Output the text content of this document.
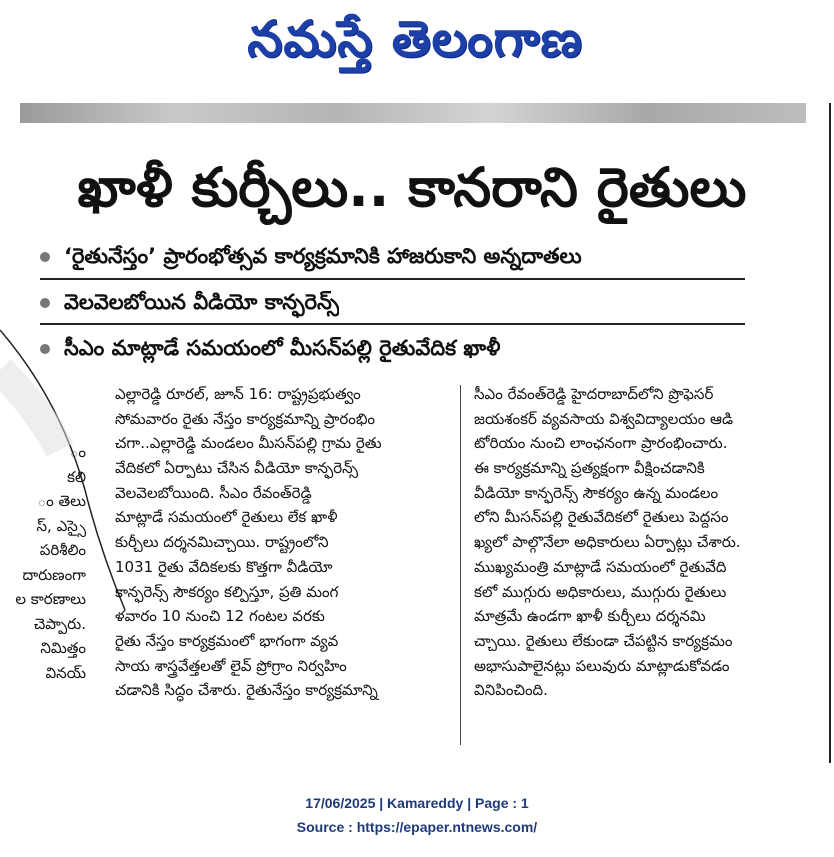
నమస్తే తెలంగాణ
ఖాళీ కుర్చీలు.. కానరాని రైతులు
‘రైతునేస్తం’ ప్రారంభోత్సవ కార్యక్రమానికి హాజరుకాని అన్నదాతలు
వెలవెలబోయిన వీడియో కాన్ఫరెన్స్
సీఎం మాట్లాడే సమయంలో మీసన్‌పల్లి రైతువేదిక ఖాళీ
ం
కలి
ం తెలు
స్, ఎస్సై
పరిశీలిం
దారుణంగా
ల కారణాలు
చెప్పారు.
నిమిత్తం
వినయ్
ఎల్లారెడ్డి రూరల్, జూన్ 16: రాష్ట్రప్రభుత్వం
సోమవారం రైతు నేస్తం కార్యక్రమాన్ని ప్రారంభిం
చగా..ఎల్లారెడ్డి మండలం మీసన్‌పల్లి గ్రామ రైతు
వేదికలో ఏర్పాటు చేసిన వీడియో కాన్ఫరెన్స్
వెలవెలబోయింది. సీఎం రేవంత్‌రెడ్డి
మాట్లాడే సమయంలో రైతులు లేక ఖాళీ
కుర్చీలు దర్శనమిచ్చాయి. రాష్ట్రంలోని
1031 రైతు వేదికలకు కొత్తగా వీడియో
కాన్ఫరెన్స్ సౌకర్యం కల్పిస్తూ, ప్రతి మంగ
ళవారం 10 నుంచి 12 గంటల వరకు
రైతు నేస్తం కార్యక్రమంలో భాగంగా వ్యవ
సాయ శాస్త్రవేత్తలతో లైవ్ ప్రోగ్రాం నిర్వహిం
చడానికి సిద్ధం చేశారు. రైతునేస్తం కార్యక్రమాన్ని
సీఎం రేవంత్‌రెడ్డి హైదరాబాద్‌లోని ప్రొఫెసర్
జయశంకర్ వ్యవసాయ విశ్వవిద్యాలయం ఆడి
టోరియం నుంచి లాంఛనంగా ప్రారంభించారు.
ఈ కార్యక్రమాన్ని ప్రత్యక్షంగా వీక్షించడానికి
వీడియో కాన్ఫరెన్స్ సౌకర్యం ఉన్న మండలం
లోని మీసన్‌పల్లి రైతువేదికలో రైతులు పెద్దసం
ఖ్యలో పాల్గొనేలా అధికారులు ఏర్పాట్లు చేశారు.
ముఖ్యమంత్రి మాట్లాడే సమయంలో రైతువేది
కలో ముగ్గురు అధికారులు, ముగ్గురు రైతులు
మాత్రమే ఉండగా ఖాళీ కుర్చీలు దర్శనమి
చ్చాయి. రైతులు లేకుండా చేపట్టిన కార్యక్రమం
అభాసుపాలైనట్లు పలువురు మాట్లాడుకోవడం
వినిపించింది.
17/06/2025 | Kamareddy | Page : 1
Source : https://epaper.ntnews.com/
